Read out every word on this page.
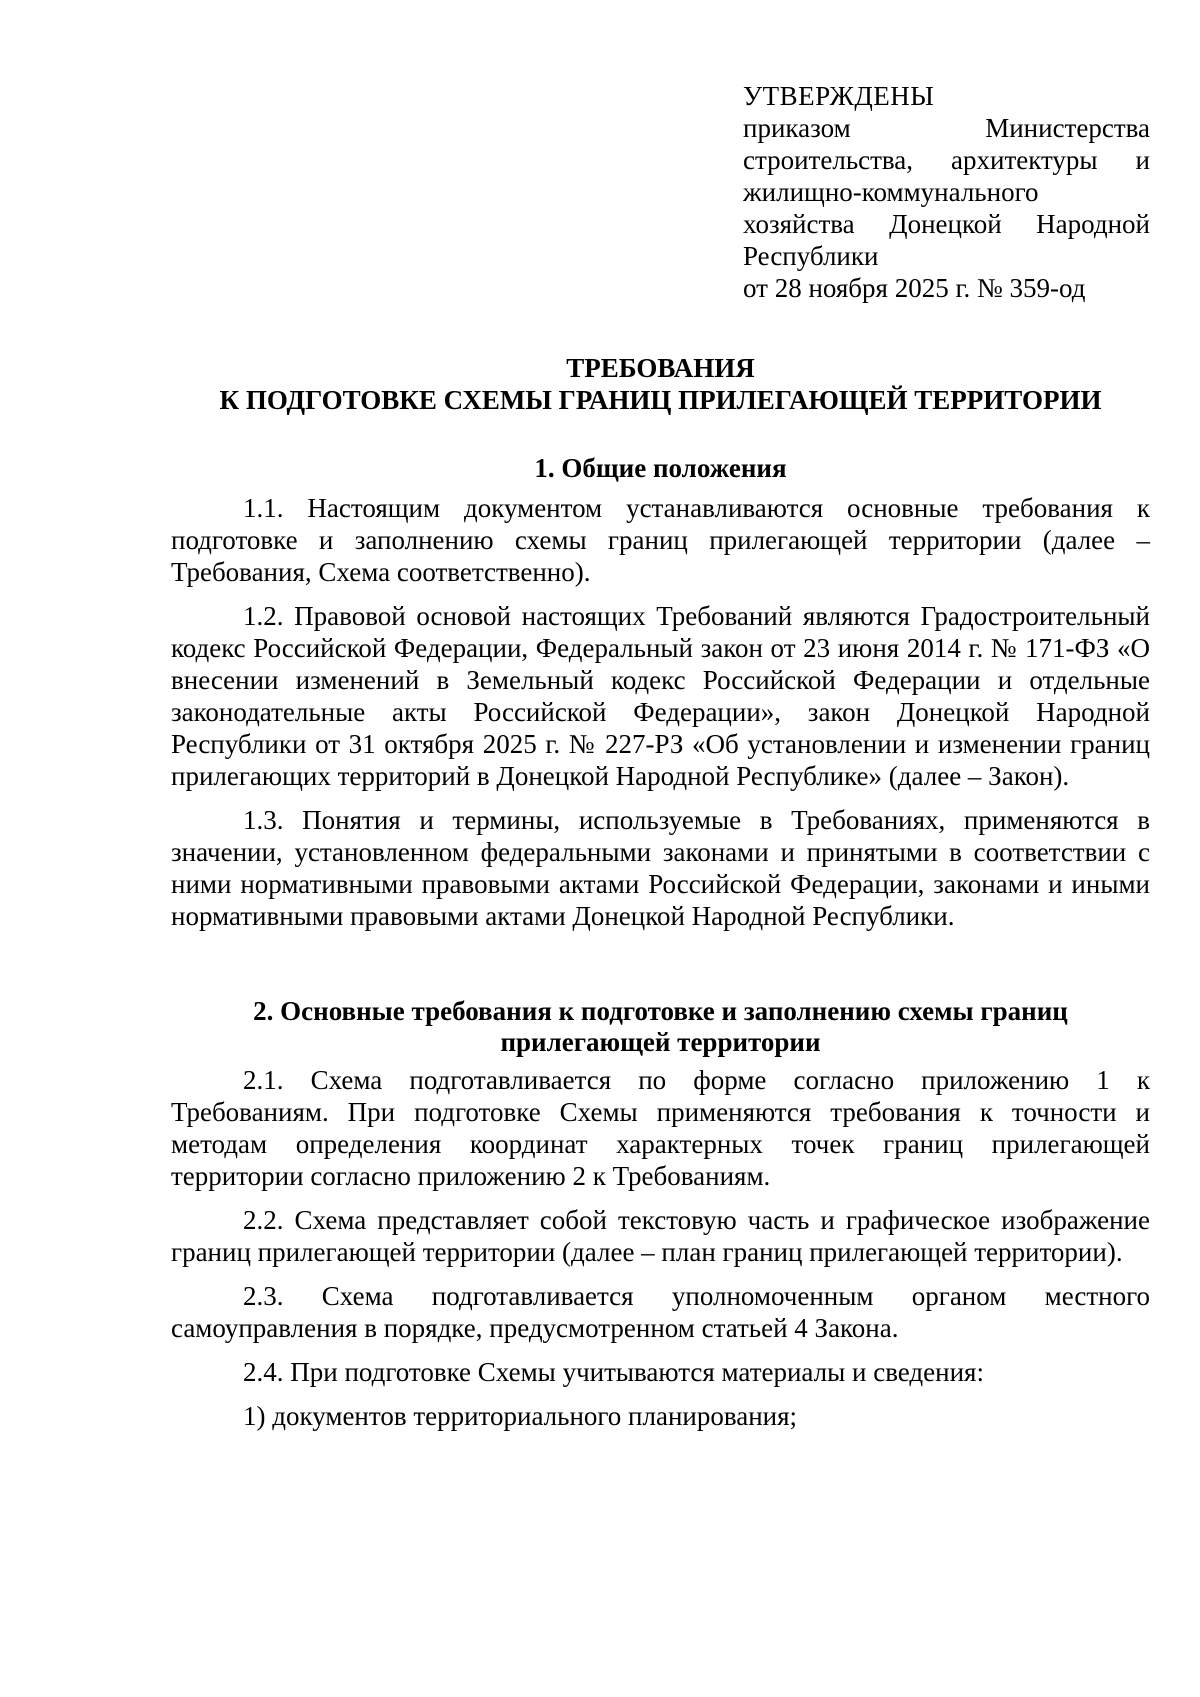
УТВЕРЖДЕНЫ
приказом Министерства строительства, архитектуры и жилищно-коммунального хозяйства Донецкой Народной Республики
от 28 ноября 2025 г. № 359-од
ТРЕБОВАНИЯ
К ПОДГОТОВКЕ СХЕМЫ ГРАНИЦ ПРИЛЕГАЮЩЕЙ ТЕРРИТОРИИ
1. Общие положения

1.1. Настоящим документом устанавливаются основные требования к подготовке и заполнению схемы границ прилегающей территории (далее – Требования, Схема соответственно).

1.2. Правовой основой настоящих Требований являются Градостроительный кодекс Российской Федерации, Федеральный закон от 23 июня 2014 г. № 171-ФЗ «О внесении изменений в Земельный кодекс Российской Федерации и отдельные законодательные акты Российской Федерации», закон Донецкой Народной Республики от 31 октября 2025 г. № 227-РЗ «Об установлении и изменении границ прилегающих территорий в Донецкой Народной Республике» (далее – Закон).

1.3. Понятия и термины, используемые в Требованиях, применяются в значении, установленном федеральными законами и принятыми в соответствии с ними нормативными правовыми актами Российской Федерации, законами и иными нормативными правовыми актами Донецкой Народной Республики.

2. Основные требования к подготовке и заполнению схемы границ прилегающей территории

2.1. Схема подготавливается по форме согласно приложению 1 к Требованиям. При подготовке Схемы применяются требования к точности и методам определения координат характерных точек границ прилегающей территории согласно приложению 2 к Требованиям.

2.2. Схема представляет собой текстовую часть и графическое изображение границ прилегающей территории (далее – план границ прилегающей территории).

2.3. Схема подготавливается уполномоченным органом местного самоуправления в порядке, предусмотренном статьей 4 Закона.

2.4. При подготовке Схемы учитываются материалы и сведения:

1) документов территориального планирования;
